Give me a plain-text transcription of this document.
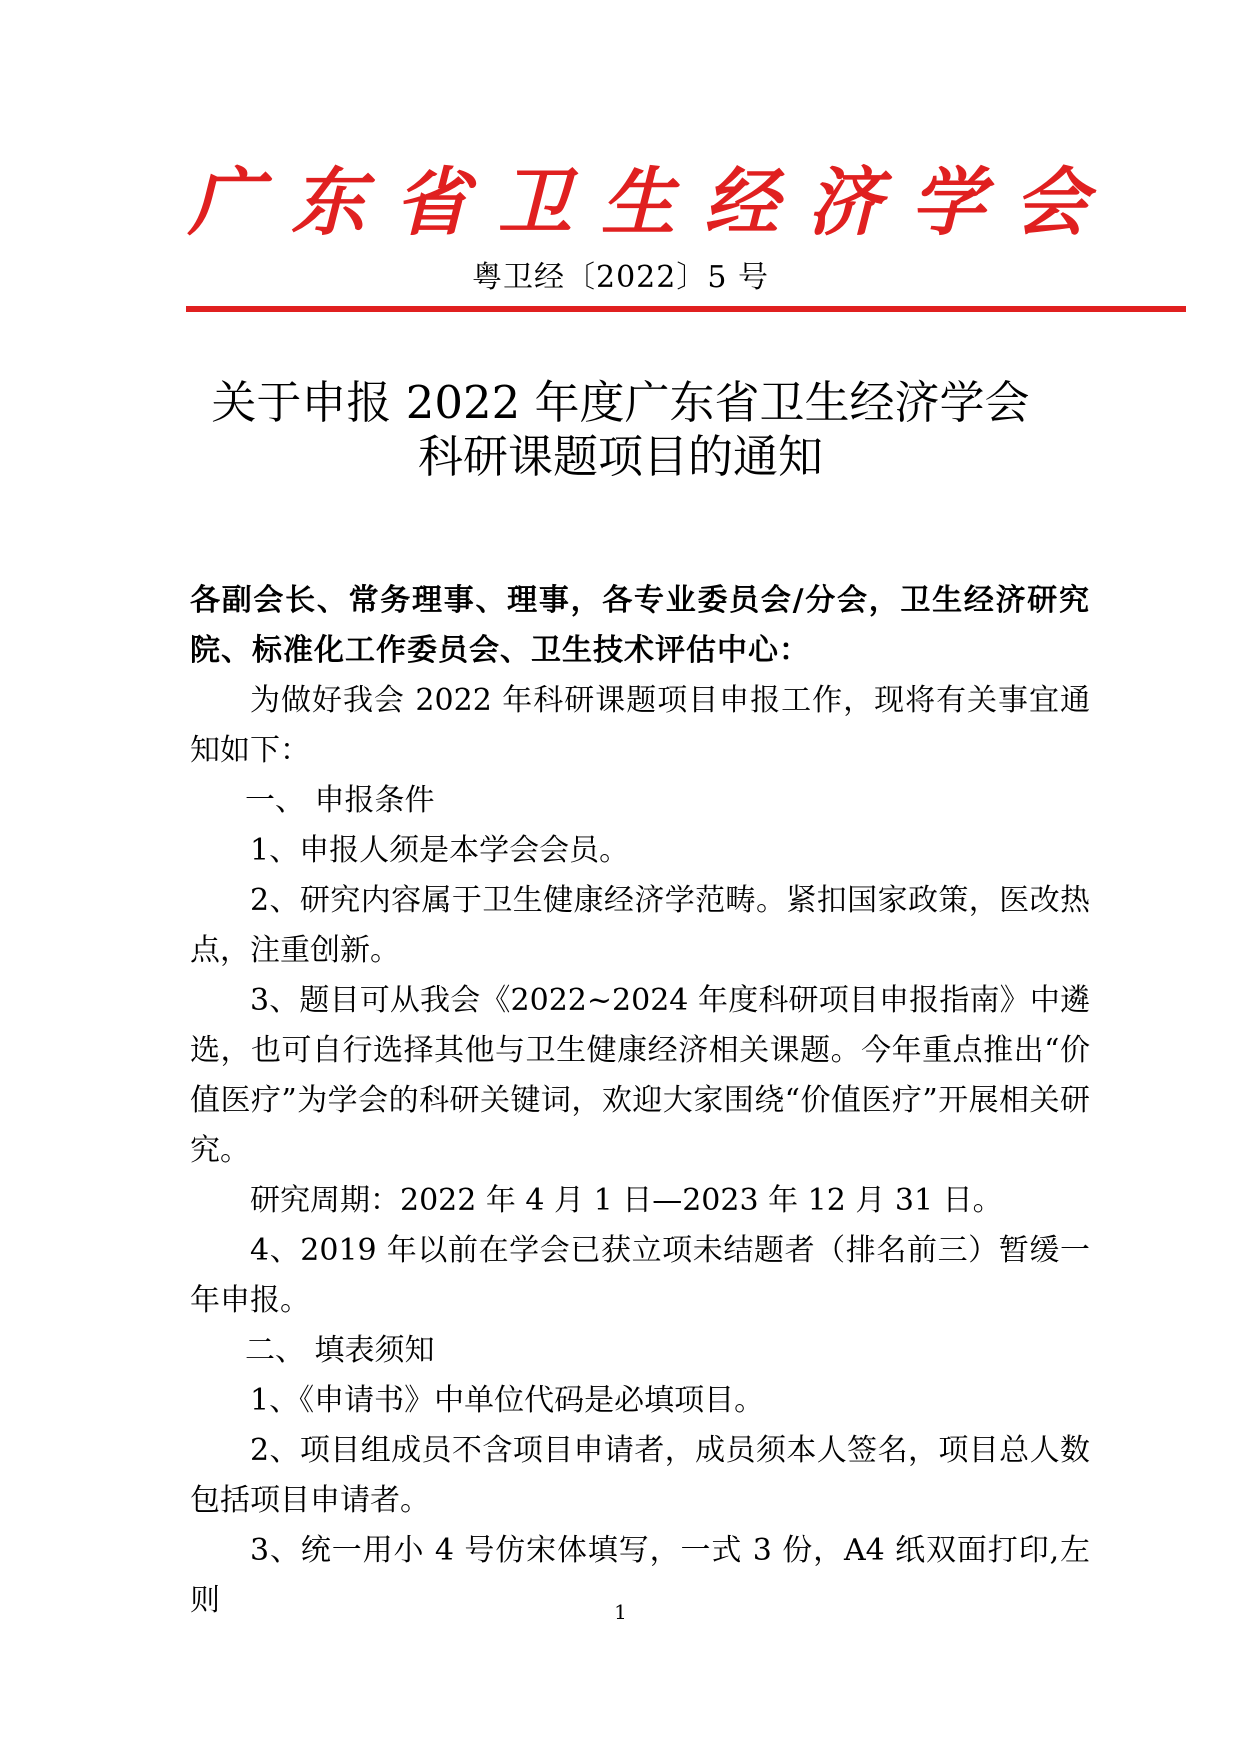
广 东 省 卫 生 经 济 学 会
粤卫经〔2022〕5 号
关于申报 2022 年度广东省卫生经济学会
科研课题项目的通知

各副会长、常务理事、理事，各专业委员会/分会，卫生经济研究院、标准化工作委员会、卫生技术评估中心：

为做好我会 2022 年科研课题项目申报工作，现将有关事宜通知如下：

一、 申报条件

1、申报人须是本学会会员。

2、研究内容属于卫生健康经济学范畴。紧扣国家政策，医改热点，注重创新。

3、题目可从我会《2022~2024 年度科研项目申报指南》中遴选，也可自行选择其他与卫生健康经济相关课题。今年重点推出“价值医疗”为学会的科研关键词，欢迎大家围绕“价值医疗”开展相关研究。

研究周期：2022 年 4 月 1 日—2023 年 12 月 31 日。

4、2019 年以前在学会已获立项未结题者（排名前三）暂缓一年申报。

二、 填表须知

1、《申请书》中单位代码是必填项目。

2、项目组成员不含项目申请者，成员须本人签名，项目总人数包括项目申请者。

3、统一用小 4 号仿宋体填写，一式 3 份，A4 纸双面打印,左则	1
